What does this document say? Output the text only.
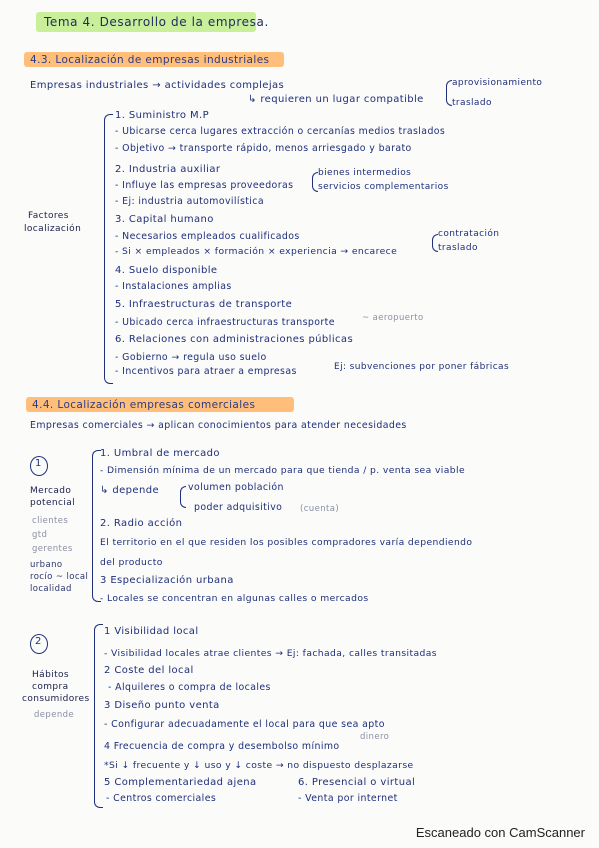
Tema 4. Desarrollo de la empresa.
4.3. Localización de empresas industriales
Empresas industriales → actividades complejas
↳ requieren un lugar compatible
aprovisionamiento
traslado
Factores
localización
1. Suministro M.P
- Ubicarse cerca lugares extracción o cercanías medios traslados
- Objetivo → transporte rápido, menos arriesgado y barato
2. Industria auxiliar
- Influye las empresas proveedoras
bienes intermedios
servicios complementarios
- Ej: industria automovilística
3. Capital humano
- Necesarios empleados cualificados
- Si × empleados × formación × experiencia → encarece
contratación
traslado
4. Suelo disponible
- Instalaciones amplias
5. Infraestructuras de transporte
- Ubicado cerca infraestructuras transporte	~ aeropuerto
6. Relaciones con administraciones públicas
- Gobierno → regula uso suelo
- Incentivos para atraer a empresas	Ej: subvenciones por poner fábricas
4.4. Localización empresas comerciales
Empresas comerciales → aplican conocimientos para atender necesidades
1
Mercado
potencial
clientes
gtd
gerentes
urbano
rocío ~ local
localidad
1. Umbral de mercado
- Dimensión mínima de un mercado para que tienda / p. venta sea viable
↳ depende	volumen población
poder adquisitivo (cuenta)
2. Radio acción
El territorio en el que residen los posibles compradores varía dependiendo
del producto
3 Especialización urbana
- Locales se concentran en algunas calles o mercados
2
Hábitos
compra
consumidores
depende
1 Visibilidad local
- Visibilidad locales atrae clientes → Ej: fachada, calles transitadas
2 Coste del local
- Alquileres o compra de locales
3 Diseño punto venta
- Configurar adecuadamente el local para que sea apto
dinero
4 Frecuencia de compra y desembolso mínimo
*Si ↓ frecuente y ↓ uso y ↓ coste → no dispuesto desplazarse
5 Complementariedad ajena
- Centros comerciales
6. Presencial o virtual
- Venta por internet
Escaneado con CamScanner
